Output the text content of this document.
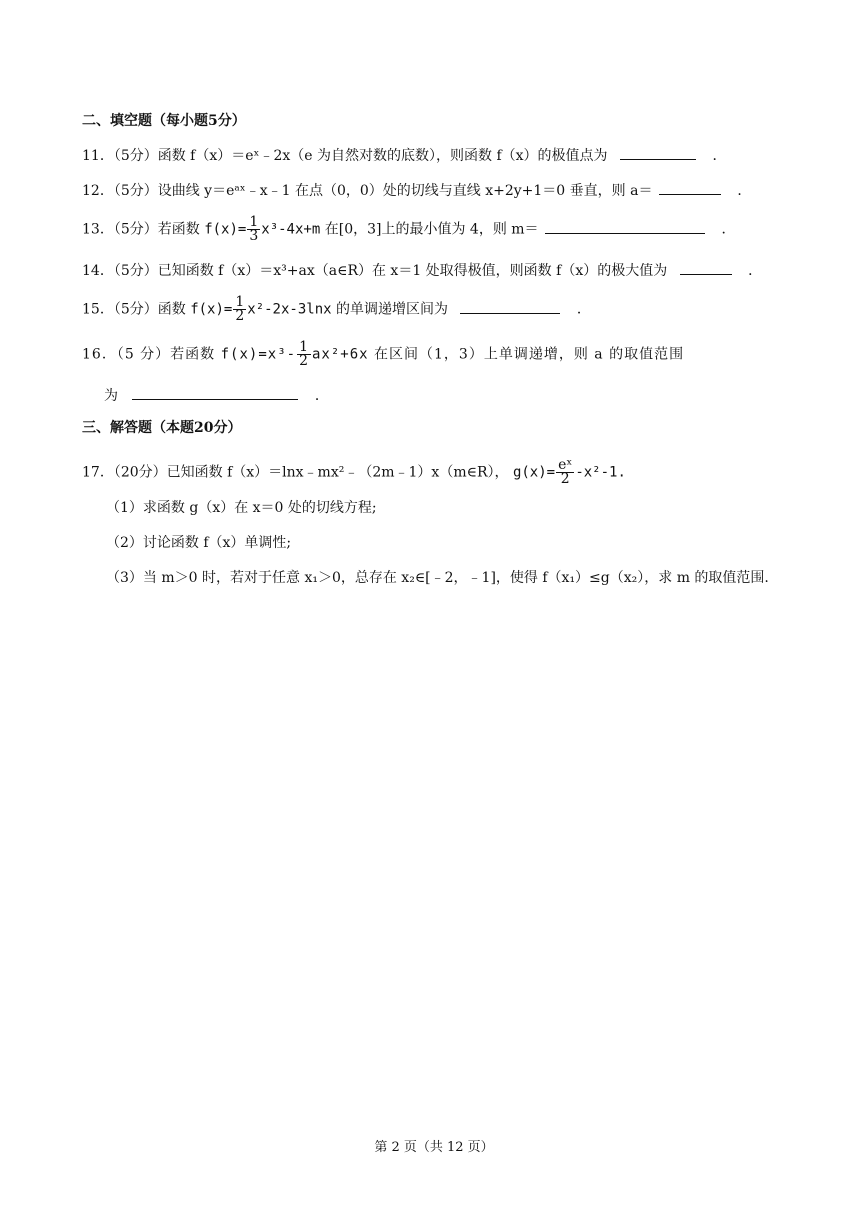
二、填空题（每小题5分）
11．（5分）函数 f（x）＝eˣ﹣2x（e 为自然对数的底数），则函数 f（x）的极值点为	．
12．（5分）设曲线 y＝eᵃˣ﹣x﹣1 在点（0，0）处的切线与直线 x+2y+1＝0 垂直，则 a＝	．
13．（5分）若函数 $f(x)= \frac{1}{3} x^3-4x+m$ 在[0，3]上的最小值为 4，则 m＝	．
14．（5分）已知函数 f（x）＝x³+ax（a∈R）在 x＝1 处取得极值，则函数 f（x）的极大值为	．
15．（5分）函数 $f(x)= \frac{1}{2} x^2-2x-3\ln x$ 的单调递增区间为	．
16．（5 分）若函数 $f(x)=x^3- \frac{1}{2} ax^2+6x$ 在区间（1，3）上单调递增，则 a 的取值范围
为	．
三、解答题（本题20分）
17．（20分）已知函数 f（x）＝lnx﹣mx²﹣（2m﹣1）x（m∈R）， $g(x)= \frac{\text{eˣ}}{2} -x^2-1$.
（1）求函数 g（x）在 x＝0 处的切线方程;
（2）讨论函数 f（x）单调性;
（3）当 m＞0 时，若对于任意 x₁＞0，总存在 x₂∈[﹣2，﹣1]，使得 f（x₁）≤g（x₂），求 m 的取值范围.
第 2 页（共 12 页）
